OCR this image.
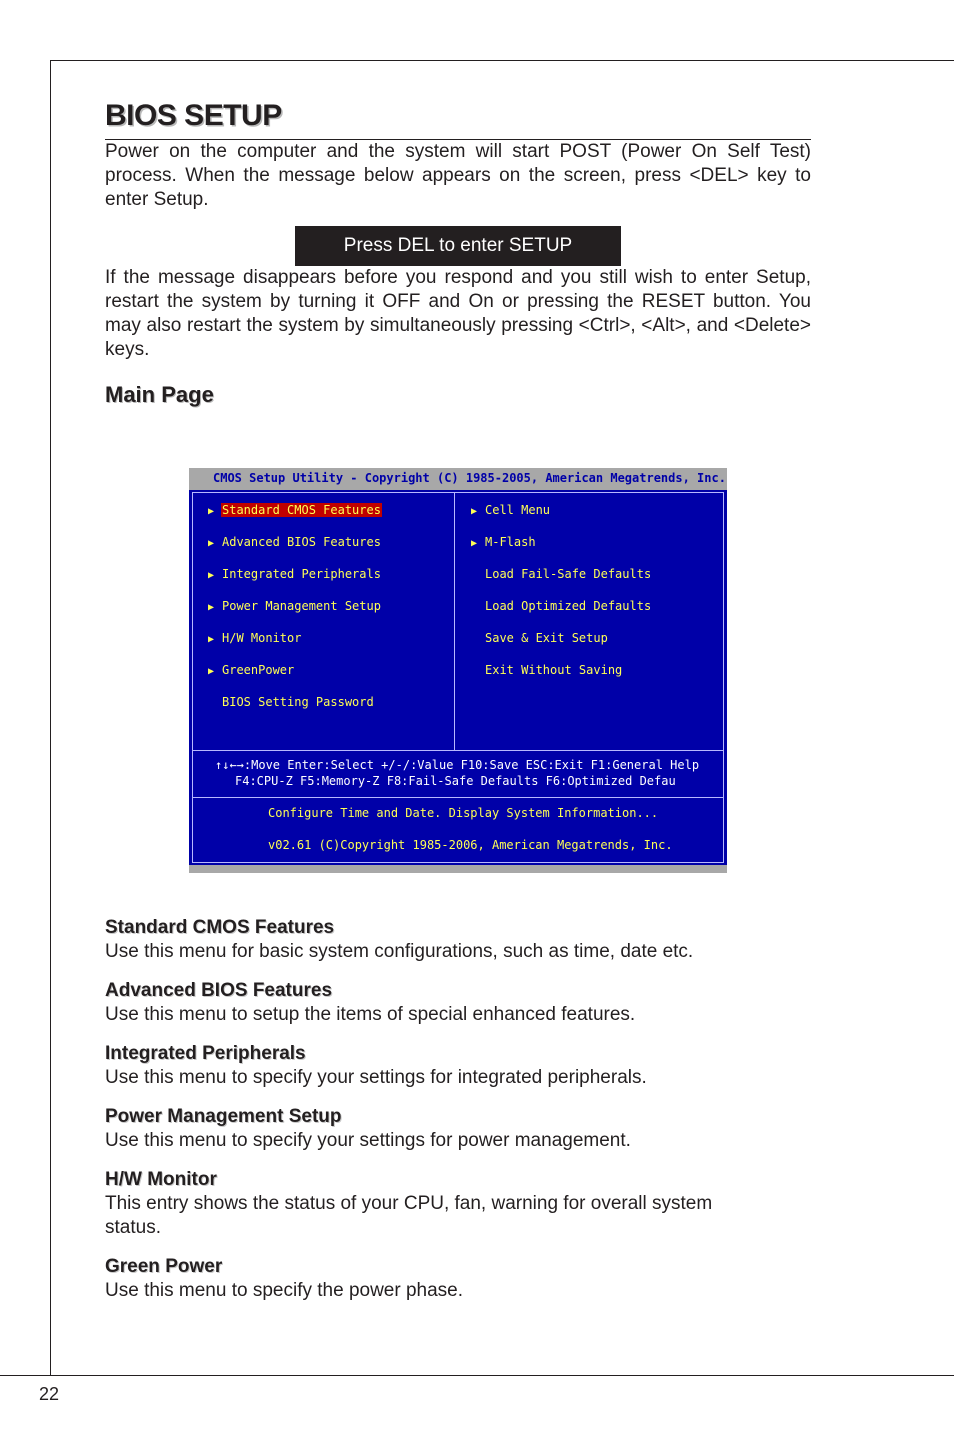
22
BIOS SETUP

Power on the computer and the system will start POST (Power On Self Test) process. When the message below appears on the screen, press <DEL> key to enter Setup.

Press DEL to enter SETUP

If the message disappears before you respond and you still wish to enter Setup, restart the system by turning it OFF and On or pressing the RESET button. You may also restart the system by simultaneously pressing <Ctrl>, <Alt>, and <Delete> keys.

Main Page
CMOS Setup Utility - Copyright (C) 1985-2005, American Megatrends, Inc.
▶ Standard CMOS Features
▶ Advanced BIOS Features
▶ Integrated Peripherals
▶ Power Management Setup
▶ H/W Monitor
▶ GreenPower
BIOS Setting Password
▶ Cell Menu
▶ M-Flash
Load Fail-Safe Defaults
Load Optimized Defaults
Save & Exit Setup
Exit Without Saving
↑↓←→:Move Enter:Select +/-/:Value F10:Save ESC:Exit F1:General Help
F4:CPU-Z F5:Memory-Z F8:Fail-Safe Defaults F6:Optimized Defau
Configure Time and Date. Display System Information...
v02.61 (C)Copyright 1985-2006, American Megatrends, Inc.
Standard CMOS Features
Use this menu for basic system configurations, such as time, date etc.
Advanced BIOS Features
Use this menu to setup the items of special enhanced features.
Integrated Peripherals
Use this menu to specify your settings for integrated peripherals.
Power Management Setup
Use this menu to specify your settings for power management.
H/W Monitor
This entry shows the status of your CPU, fan, warning for overall system status.
Green Power
Use this menu to specify the power phase.
